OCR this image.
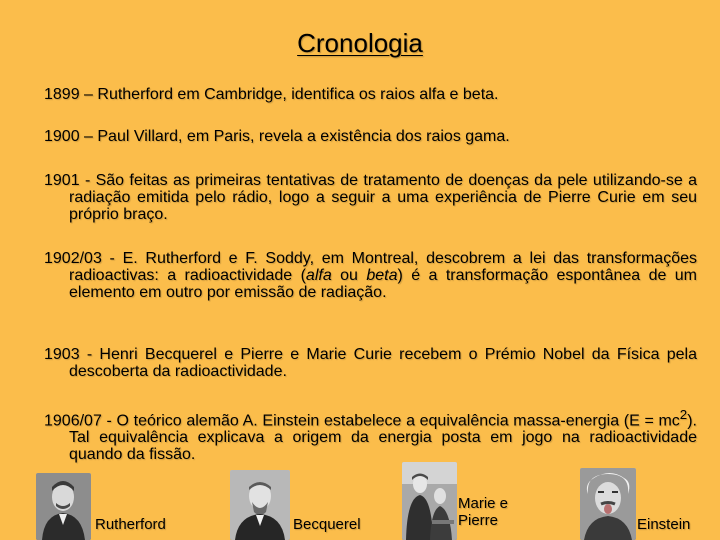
Cronologia
1899 – Rutherford em Cambridge, identifica os raios alfa e beta.
1900 – Paul Villard, em Paris, revela a existência dos raios gama.
1901 - São feitas as primeiras tentativas de tratamento de doenças da pele utilizando-se a radiação emitida pelo rádio, logo a seguir a uma experiência de Pierre Curie em seu próprio braço.
1902/03 - E. Rutherford e F. Soddy, em Montreal, descobrem a lei das transformações radioactivas: a radioactividade (alfa ou beta) é a transformação espontânea de um elemento em outro por emissão de radiação.
1903 - Henri Becquerel e Pierre e Marie Curie recebem o Prémio Nobel da Física pela descoberta da radioactividade.
1906/07 - O teórico alemão A. Einstein estabelece a equivalência massa-energia $(E = mc^2)$. Tal equivalência explicava a origem da energia posta em jogo na radioactividade quando da fissão.
Rutherford	Becquerel
Marie e
Pierre	Einstein
